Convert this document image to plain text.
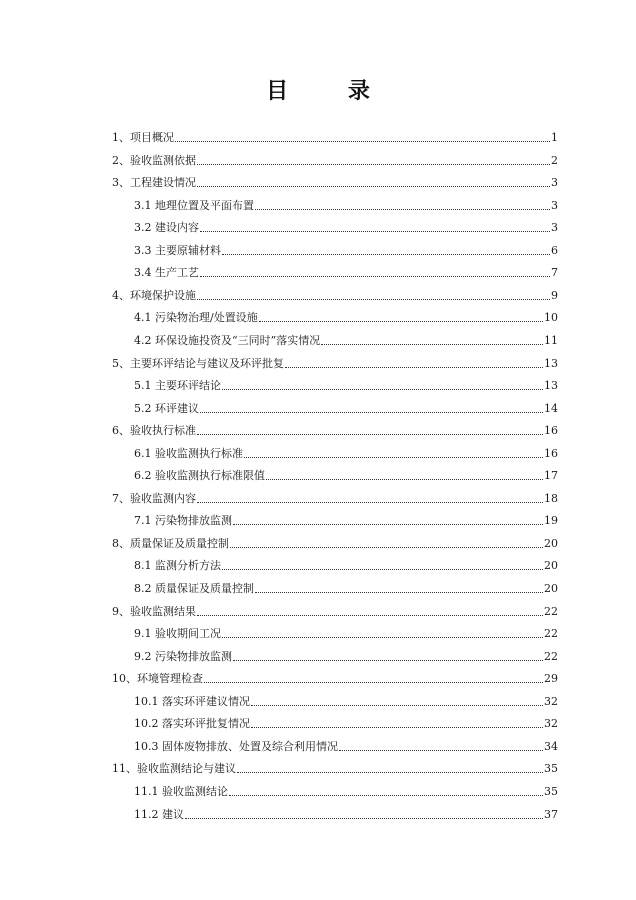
目 录
1、项目概况	1
2、验收监测依据	2
3、工程建设情况	3
3.1 地理位置及平面布置	3
3.2 建设内容	3
3.3 主要原辅材料	6
3.4 生产工艺	7
4、环境保护设施	9
4.1 污染物治理/处置设施	10
4.2 环保设施投资及“三同时”落实情况	11
5、主要环评结论与建议及环评批复	13
5.1 主要环评结论	13
5.2 环评建议	14
6、验收执行标准	16
6.1 验收监测执行标准	16
6.2 验收监测执行标准限值	17
7、验收监测内容	18
7.1 污染物排放监测	19
8、质量保证及质量控制	20
8.1 监测分析方法	20
8.2 质量保证及质量控制	20
9、验收监测结果	22
9.1 验收期间工况	22
9.2 污染物排放监测	22
10、环境管理检查	29
10.1 落实环评建议情况	32
10.2 落实环评批复情况	32
10.3 固体废物排放、处置及综合利用情况	34
11、验收监测结论与建议	35
11.1 验收监测结论	35
11.2 建议	37
